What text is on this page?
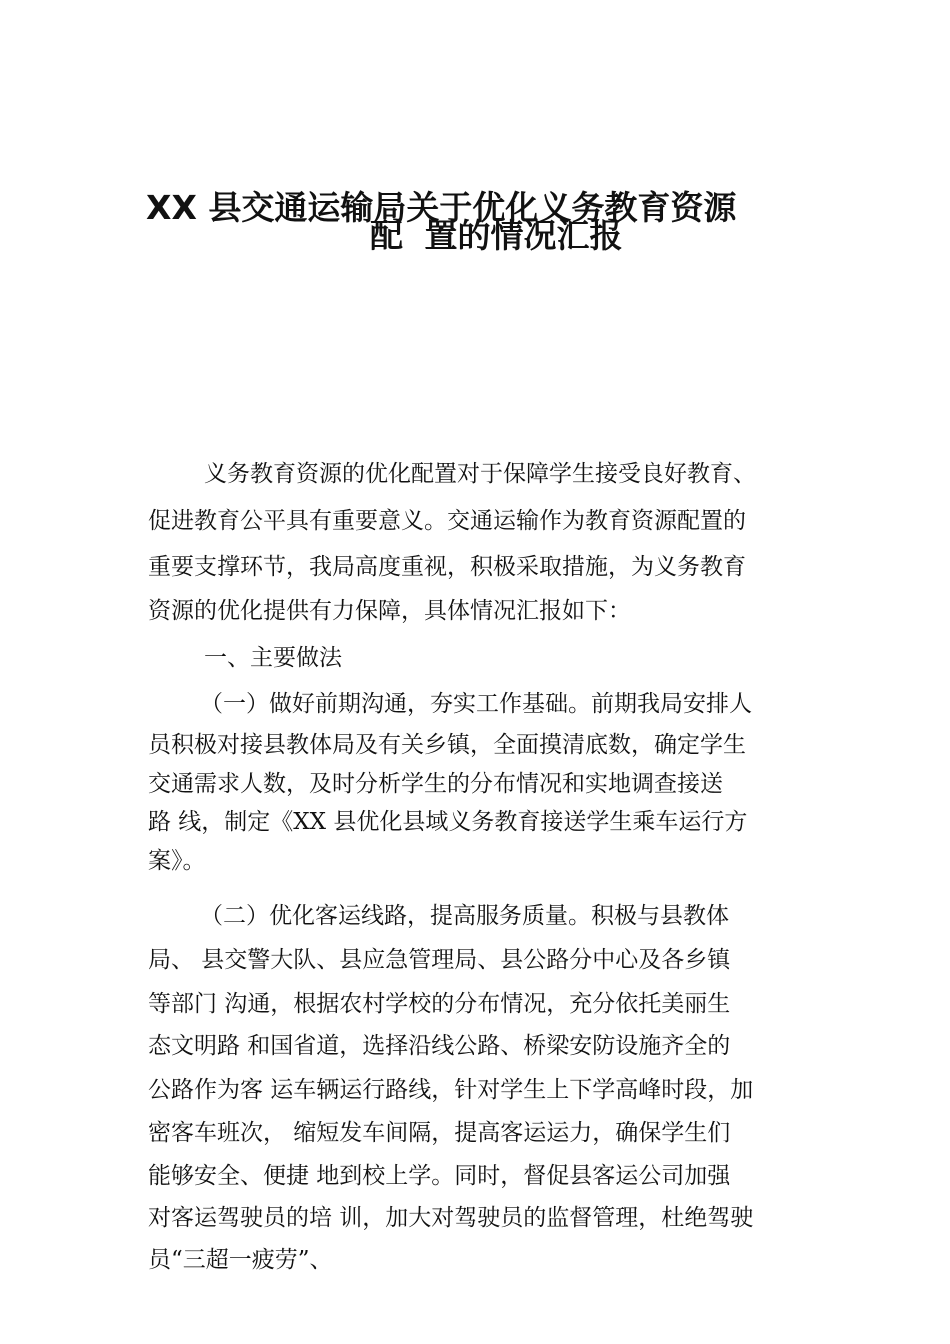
XX 县交通运输局关于优化义务教育资源
配 置的情况汇报
义务教育资源的优化配置对于保障学生接受良好教育、
促进教育公平具有重要意义。交通运输作为教育资源配置的
重要支撑环节，我局高度重视，积极采取措施，为义务教育
资源的优化提供有力保障，具体情况汇报如下：
一、主要做法
（一）做好前期沟通，夯实工作基础。前期我局安排人
员积极对接县教体局及有关乡镇，全面摸清底数，确定学生
交通需求人数，及时分析学生的分布情况和实地调查接送
路 线，制定《XX 县优化县域义务教育接送学生乘车运行方
案》。
（二）优化客运线路，提高服务质量。积极与县教体
局、 县交警大队、县应急管理局、县公路分中心及各乡镇
等部门 沟通，根据农村学校的分布情况，充分依托美丽生
态文明路 和国省道，选择沿线公路、桥梁安防设施齐全的
公路作为客 运车辆运行路线，针对学生上下学高峰时段，加
密客车班次， 缩短发车间隔，提高客运运力，确保学生们
能够安全、便捷 地到校上学。同时，督促县客运公司加强
对客运驾驶员的培 训，加大对驾驶员的监督管理，杜绝驾驶
员“三超一疲劳”、
